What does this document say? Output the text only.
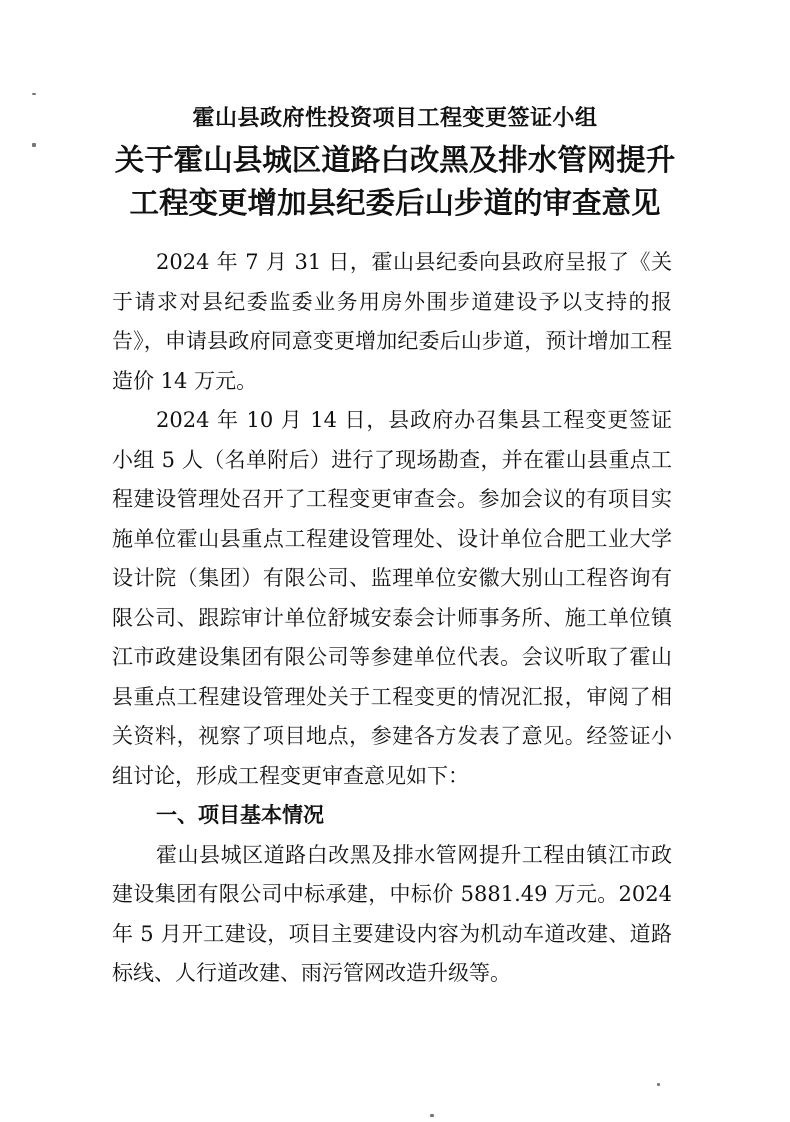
霍山县政府性投资项目工程变更签证小组
关于霍山县城区道路白改黑及排水管网提升
工程变更增加县纪委后山步道的审查意见

2024 年 7 月 31 日，霍山县纪委向县政府呈报了《关于请求对县纪委监委业务用房外围步道建设予以支持的报告》，申请县政府同意变更增加纪委后山步道，预计增加工程造价 14 万元。

2024 年 10 月 14 日，县政府办召集县工程变更签证小组 5 人（名单附后）进行了现场勘查，并在霍山县重点工程建设管理处召开了工程变更审查会。参加会议的有项目实施单位霍山县重点工程建设管理处、设计单位合肥工业大学设计院（集团）有限公司、监理单位安徽大别山工程咨询有限公司、跟踪审计单位舒城安泰会计师事务所、施工单位镇江市政建设集团有限公司等参建单位代表。会议听取了霍山县重点工程建设管理处关于工程变更的情况汇报，审阅了相关资料，视察了项目地点，参建各方发表了意见。经签证小组讨论，形成工程变更审查意见如下：

一、项目基本情况

霍山县城区道路白改黑及排水管网提升工程由镇江市政建设集团有限公司中标承建，中标价 5881.49 万元。2024 年 5 月开工建设，项目主要建设内容为机动车道改建、道路标线、人行道改建、雨污管网改造升级等。
